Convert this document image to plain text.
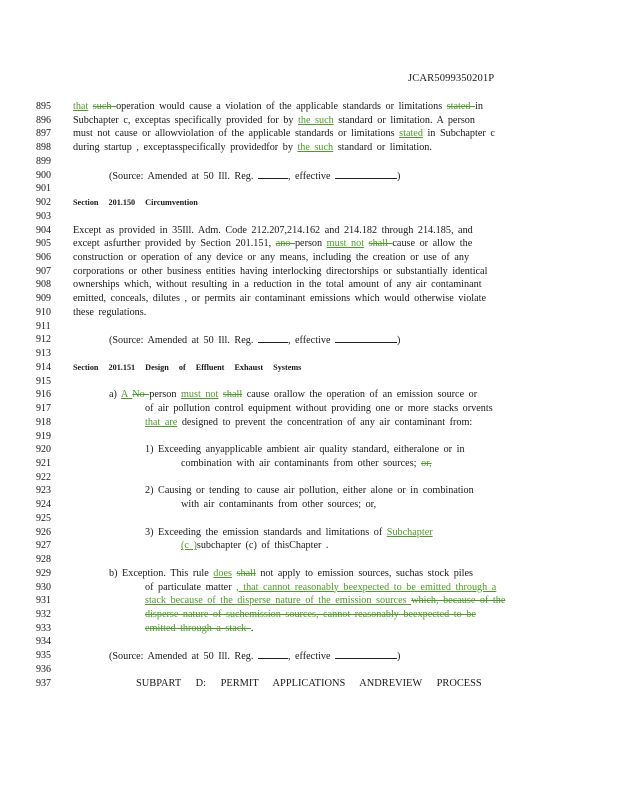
JCAR5099350201P
895	that such operation would cause a violation of the applicable standards or limitations stated in
896	Subchapter c, exceptas specifically provided for by the such standard or limitation. A person
897	must not cause or allowviolation of the applicable standards or limitations stated in Subchapter c
898	during startup , exceptasspecifically providedfor by the such standard or limitation.
899
900	(Source: Amended at 50 Ill. Reg.	, effective	)
901
902	Section 201.150 Circumvention
903
904	Except as provided in 35Ill. Adm. Code 212.207,214.162 and 214.182 through 214.185, and
905	except asfurther provided by Section 201.151, ano person must not shall cause or allow the
906	construction or operation of any device or any means, including the creation or use of any
907	corporations or other business entities having interlocking directorships or substantially identical
908	ownerships which, without resulting in a reduction in the total amount of any air contaminant
909	emitted, conceals, dilutes , or permits air contaminant emissions which would otherwise violate
910	these regulations.
911
912	(Source: Amended at 50 Ill. Reg.	, effective	)
913
914	Section 201.151 Design of Effluent Exhaust Systems
915
916	a) A No person must not shall cause orallow the operation of an emission source or
917	of air pollution control equipment without providing one or more stacks orvents
918	that are designed to prevent the concentration of any air contaminant from:
919
920	1) Exceeding anyapplicable ambient air quality standard, eitheralone or in
921	combination with air contaminants from other sources; or,
922
923	2) Causing or tending to cause air pollution, either alone or in combination
924	with air contaminants from other sources; or,
925
926	3) Exceeding the emission standards and limitations of Subchapter
927	(c )subchapter (c) of thisChapter .
928
929	b) Exception. This rule does shall not apply to emission sources, suchas stock piles
930	of particulate matter , that cannot reasonably beexpected to be emitted through a
931	stack because of the disperse nature of the emission sources which, because of the
932	disperse nature of suchemission sources, cannot reasonably beexpected to be
933	emitted through a stack .
934
935	(Source: Amended at 50 Ill. Reg.	, effective	)
936
937	SUBPART D: PERMIT APPLICATIONS ANDREVIEW PROCESS
